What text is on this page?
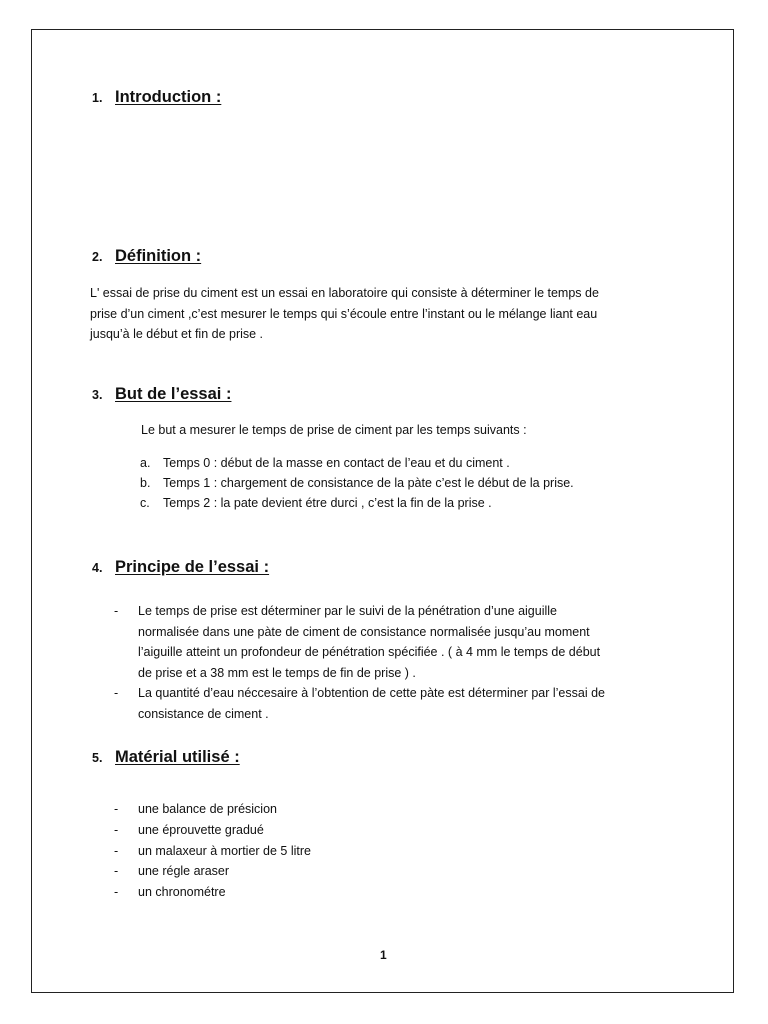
1. Introduction :
2. Définition :
L' essai de prise du ciment est un essai en laboratoire qui consiste à déterminer le temps de
prise d’un ciment ,c’est mesurer le temps qui s’écoule entre l’instant ou le mélange liant eau
jusqu’à le début et fin de prise .
3. But de l’essai :
Le but a mesurer le temps de prise de ciment par les temps suivants :
a. Temps 0 : début de la masse en contact de l’eau et du ciment .
b. Temps 1 : chargement de consistance de la pàte c’est le début de la prise.
c. Temps 2 : la pate devient étre durci , c’est la fin de la prise .
4. Principe de l’essai :
- Le temps de prise est déterminer par le suivi de la pénétration d’une aiguille
normalisée dans une pàte de ciment de consistance normalisée jusqu’au moment
l’aiguille atteint un profondeur de pénétration spécifiée . ( à 4 mm le temps de début
de prise et a 38 mm est le temps de fin de prise ) .
- La quantité d’eau néccesaire à l’obtention de cette pàte est déterminer par l’essai de
consistance de ciment .
5. Matérial utilisé :
- une balance de présicion
- une éprouvette gradué
- un malaxeur à mortier de 5 litre
- une régle araser
- un chronométre
1
